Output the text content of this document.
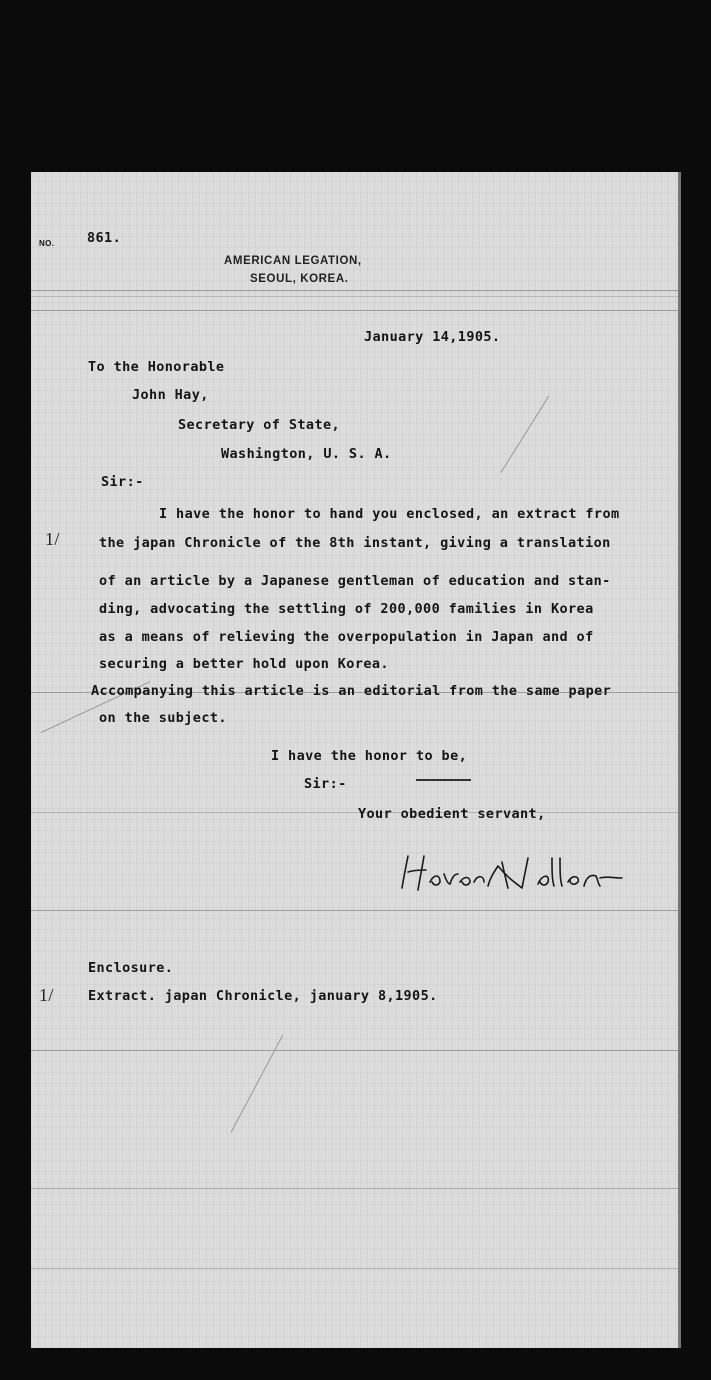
NO. 861.
AMERICAN LEGATION,
SEOUL, KOREA.
January 14,1905.
To the Honorable
John Hay,
Secretary of State,
Washington, U. S. A.
Sir:-
1/
I have the honor to hand you enclosed, an extract from
the japan Chronicle of the 8th instant, giving a translation
of an article by a Japanese gentleman of education and stan-
ding, advocating the settling of 200,000 families in Korea
as a means of relieving the overpopulation in Japan and of
securing a better hold upon Korea.
Accompanying this article is an editorial from the same paper
on the subject.
I have the honor to be,
Sir:-
Your obedient servant,
Enclosure.
1/	Extract. japan Chronicle, january 8,1905.
